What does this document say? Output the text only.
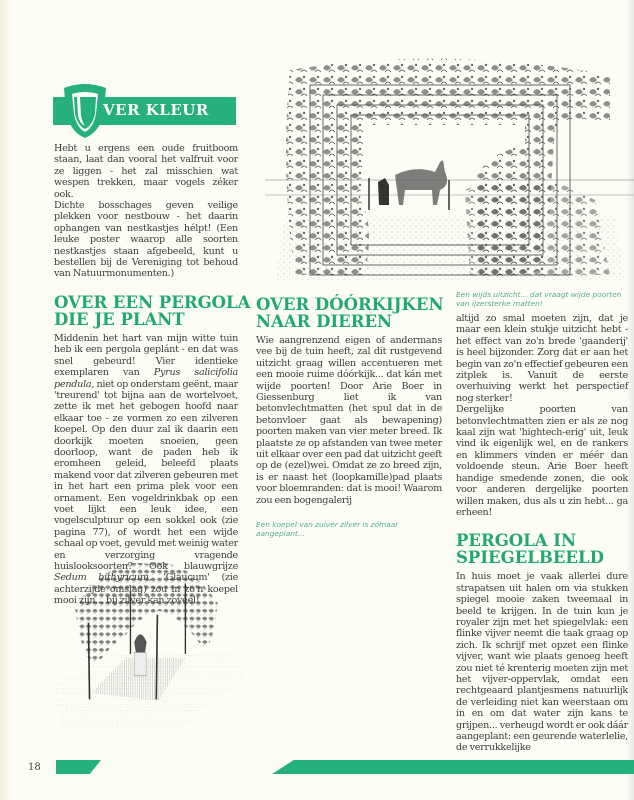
VER KLEUR

Hebt u ergens een oude fruitboom staan, laat dan vooral het valfruit voor ze liggen - het zal misschien wat wespen trekken, maar vogels zéker ook.

Dichte bosschages geven veilige plekken voor nestbouw - het daarin ophangen van nestkastjes hélpt! (Een leuke poster waarop alle soorten nestkastjes staan afgebeeld, kunt u bestellen bij de Vereniging tot behoud van Natuurmonumenten.)

OVER EEN PERGOLA
DIE JE PLANT

Middenin het hart van mijn witte tuin heb ik een pergola geplánt - en dat was snel gebeurd! Vier identieke exemplaren van Pyrus salicifolia pendula, niet op onderstam geënt, maar 'treurend' tot bijna aan de wortelvoet, zette ik met het gebogen hoofd naar elkaar toe - ze vormen zo een zilveren koepel. Op den duur zal ik daarin een doorkijk moeten snoeien, geen doorloop, want de paden heb ik eromheen geleid, beleefd plaats makend voor dat zilveren gebeuren met in het hart een prima plek voor een ornament. Een vogeldrinkbak op een voet lijkt een leuk idee, een vogelsculptuur op een sokkel ook (zie pagina 77), of wordt het een wijde schaal op voet, gevuld met weinig water en verzorging vragende huislooksoorten? Ook blauwgrijze Sedum bithyricum, 'Glaucum' (zie achterzijde omslag) zou in zo'n koepel mooi zijn... bij zilver kan zovéél!

OVER DÓÓRKIJKEN
NAAR DIEREN

Wie aangrenzend eigen of andermans vee bij de tuin heeft, zal dit rustgevend uitzicht graag willen accentueren met een mooie ruime dóórkijk... dat kán met wijde poorten! Door Arie Boer in Giessenburg liet ik van betonvlechtmatten (het spul dat in de betonvloer gaat als bewapening) poorten maken van vier meter breed. Ik plaatste ze op afstanden van twee meter uit elkaar over een pad dat uitzicht geeft op de (ezel)wei. Omdat ze zo breed zijn, is er naast het (loopkamille)pad plaats voor bloemranden: dat is mooi! Waarom zou een bogengalerij

Een koepel van zuiver zilver is zómaar aangeplant...
Een wijds uitzicht... dat vraagt wijde poorten van ijzersterke matten!

altijd zo smal moeten zijn, dat je maar een klein stukje uitzicht hebt - het effect van zo'n brede 'gaanderij' is heel bijzonder. Zorg dat er aan het begin van zo'n effectief gebeuren een zitplek is. Vanuit de eerste overhuiving werkt het perspectief nog sterker!

Dergelijke poorten van betonvlechtmatten zien er als ze nog kaal zijn wat 'hightech-erig' uit, leuk vind ik eigenlijk wel, en de rankers en klimmers vinden er méér dan voldoende steun. Arie Boer heeft handige smedende zonen, die ook voor anderen dergelijke poorten willen maken, dus als u zin hebt... ga erheen!

PERGOLA IN
SPIEGELBEELD

In huis moet je vaak allerlei dure strapatsen uit halen om via stukken spiegel mooie zaken tweemaal in beeld te krijgen. In de tuin kun je royaler zijn met het spiegelvlak: een flinke vijver neemt die taak graag op zich. Ik schrijf met opzet een flinke vijver, want wie plaats genoeg heeft zou niet té krenterig moeten zijn met het vijver-oppervlak, omdat een rechtgeaard plantjesmens natuurlijk de verleiding niet kan weerstaan om in en om dat water zijn kans te grijpen... verheugd wordt er ook dáár aangeplant: een geurende waterlelie, de verrukkelijke

18
